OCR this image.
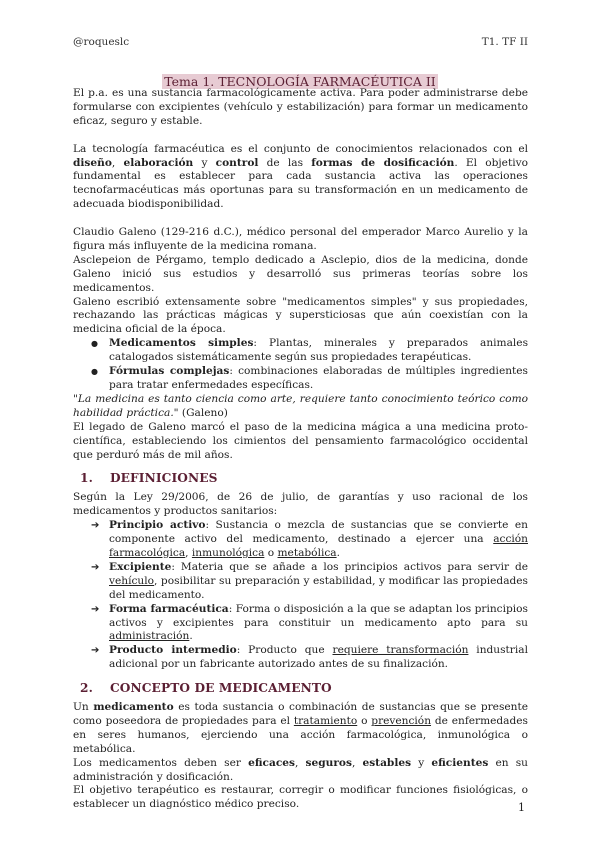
@roqueslc	T1. TF II
Tema 1. TECNOLOGÍA FARMACÉUTICA II

El p.a. es una sustancia farmacológicamente activa. Para poder administrarse debe formularse con excipientes (vehículo y estabilización) para formar un medicamento eficaz, seguro y estable.

La tecnología farmacéutica es el conjunto de conocimientos relacionados con el diseño, elaboración y control de las formas de dosificación. El objetivo fundamental es establecer para cada sustancia activa las operaciones tecnofarmacéuticas más oportunas para su transformación en un medicamento de adecuada biodisponibilidad.

Claudio Galeno (129-216 d.C.), médico personal del emperador Marco Aurelio y la figura más influyente de la medicina romana.

Asclepeion de Pérgamo, templo dedicado a Asclepio, dios de la medicina, donde Galeno inició sus estudios y desarrolló sus primeras teorías sobre los medicamentos.

Galeno escribió extensamente sobre "medicamentos simples" y sus propiedades, rechazando las prácticas mágicas y supersticiosas que aún coexistían con la medicina oficial de la época.

● Medicamentos simples: Plantas, minerales y preparados animales catalogados sistemáticamente según sus propiedades terapéuticas.
● Fórmulas complejas: combinaciones elaboradas de múltiples ingredientes para tratar enfermedades específicas.

"La medicina es tanto ciencia como arte, requiere tanto conocimiento teórico como habilidad práctica." (Galeno)

El legado de Galeno marcó el paso de la medicina mágica a una medicina proto-científica, estableciendo los cimientos del pensamiento farmacológico occidental que perduró más de mil años.

1. DEFINICIONES

Según la Ley 29/2006, de 26 de julio, de garantías y uso racional de los medicamentos y productos sanitarios:

➔ Principio activo: Sustancia o mezcla de sustancias que se convierte en componente activo del medicamento, destinado a ejercer una acción farmacológica, inmunológica o metabólica.
➔ Excipiente: Materia que se añade a los principios activos para servir de vehículo, posibilitar su preparación y estabilidad, y modificar las propiedades del medicamento.
➔ Forma farmacéutica: Forma o disposición a la que se adaptan los principios activos y excipientes para constituir un medicamento apto para su administración.
➔ Producto intermedio: Producto que requiere transformación industrial adicional por un fabricante autorizado antes de su finalización.
2. CONCEPTO DE MEDICAMENTO

Un medicamento es toda sustancia o combinación de sustancias que se presente como poseedora de propiedades para el tratamiento o prevención de enfermedades en seres humanos, ejerciendo una acción farmacológica, inmunológica o metabólica.

Los medicamentos deben ser eficaces, seguros, estables y eficientes en su administración y dosificación.

El objetivo terapéutico es restaurar, corregir o modificar funciones fisiológicas, o establecer un diagnóstico médico preciso.	1
